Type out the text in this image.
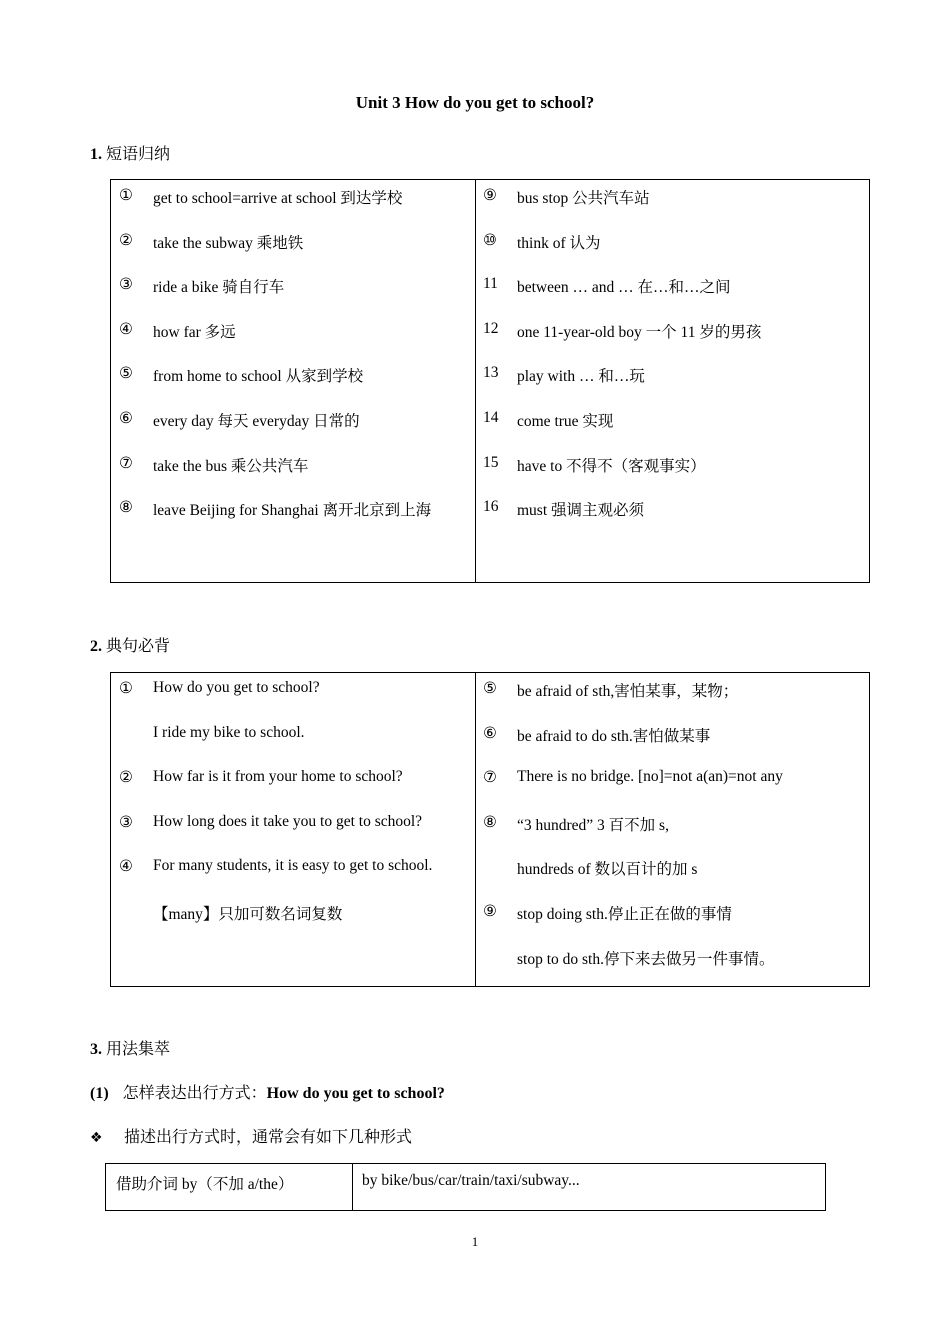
Unit 3 How do you get to school?
1. 短语归纳
① get to school=arrive at school 到达学校
② take the subway 乘地铁
③ ride a bike 骑自行车
④ how far 多远
⑤ from home to school 从家到学校
⑥ every day 每天 everyday 日常的
⑦ take the bus 乘公共汽车
⑧ leave Beijing for Shanghai 离开北京到上海
⑨ bus stop 公共汽车站
⑩ think of 认为
11 between … and … 在…和…之间
12 one 11-year-old boy 一个 11 岁的男孩
13 play with … 和…玩
14 come true 实现
15 have to 不得不（客观事实）
16 must 强调主观必须
2. 典句必背
① How do you get to school?
I ride my bike to school.
② How far is it from your home to school?
③ How long does it take you to get to school?
④ For many students, it is easy to get to school.
【many】只加可数名词复数
⑤ be afraid of sth,害怕某事，某物；
⑥ be afraid to do sth.害怕做某事
⑦ There is no bridge. [no]=not a(an)=not any
⑧ “3 hundred” 3 百不加 s,
hundreds of 数以百计的加 s
⑨ stop doing sth.停止正在做的事情
stop to do sth.停下来去做另一件事情。
3. 用法集萃
(1) 怎样表达出行方式：How do you get to school?
❖ 描述出行方式时，通常会有如下几种形式
借助介词 by（不加 a/the）	by bike/bus/car/train/taxi/subway...
1
